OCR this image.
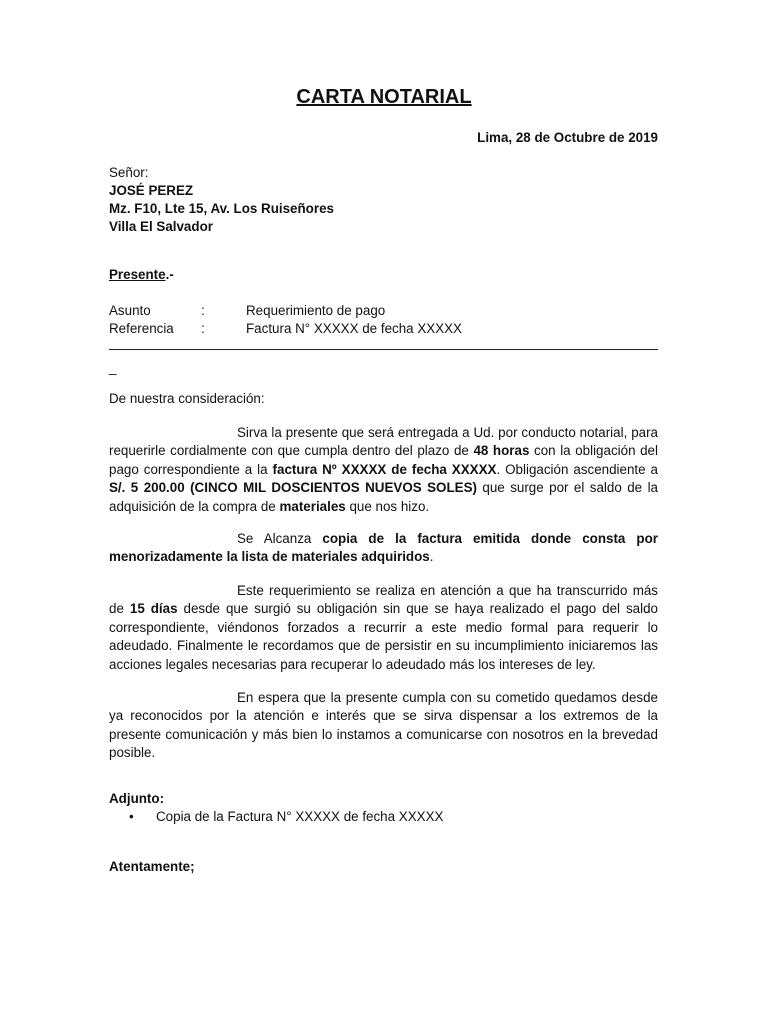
CARTA NOTARIAL
Lima, 28 de Octubre de 2019
Señor:
JOSÉ PEREZ
Mz. F10, Lte 15, Av. Los Ruiseñores
Villa El Salvador
Presente.-
Asunto	:	Requerimiento de pago
Referencia :	Factura N° XXXXX de fecha XXXXX
_
De nuestra consideración:
Sirva la presente que será entregada a Ud. por conducto notarial, para requerirle cordialmente con que cumpla dentro del plazo de 48 horas con la obligación del pago correspondiente a la factura Nº XXXXX de fecha XXXXX. Obligación ascendiente a S/. 5 200.00 (CINCO MIL DOSCIENTOS NUEVOS SOLES) que surge por el saldo de la adquisición de la compra de materiales que nos hizo.
Se Alcanza copia de la factura emitida donde consta por menorizadamente la lista de materiales adquiridos.
Este requerimiento se realiza en atención a que ha transcurrido más de 15 días desde que surgió su obligación sin que se haya realizado el pago del saldo correspondiente, viéndonos forzados a recurrir a este medio formal para requerir lo adeudado. Finalmente le recordamos que de persistir en su incumplimiento iniciaremos las acciones legales necesarias para recuperar lo adeudado más los intereses de ley.
En espera que la presente cumpla con su cometido quedamos desde ya reconocidos por la atención e interés que se sirva dispensar a los extremos de la presente comunicación y más bien lo instamos a comunicarse con nosotros en la brevedad posible.
Adjunto:
• Copia de la Factura N° XXXXX de fecha XXXXX
Atentamente;
